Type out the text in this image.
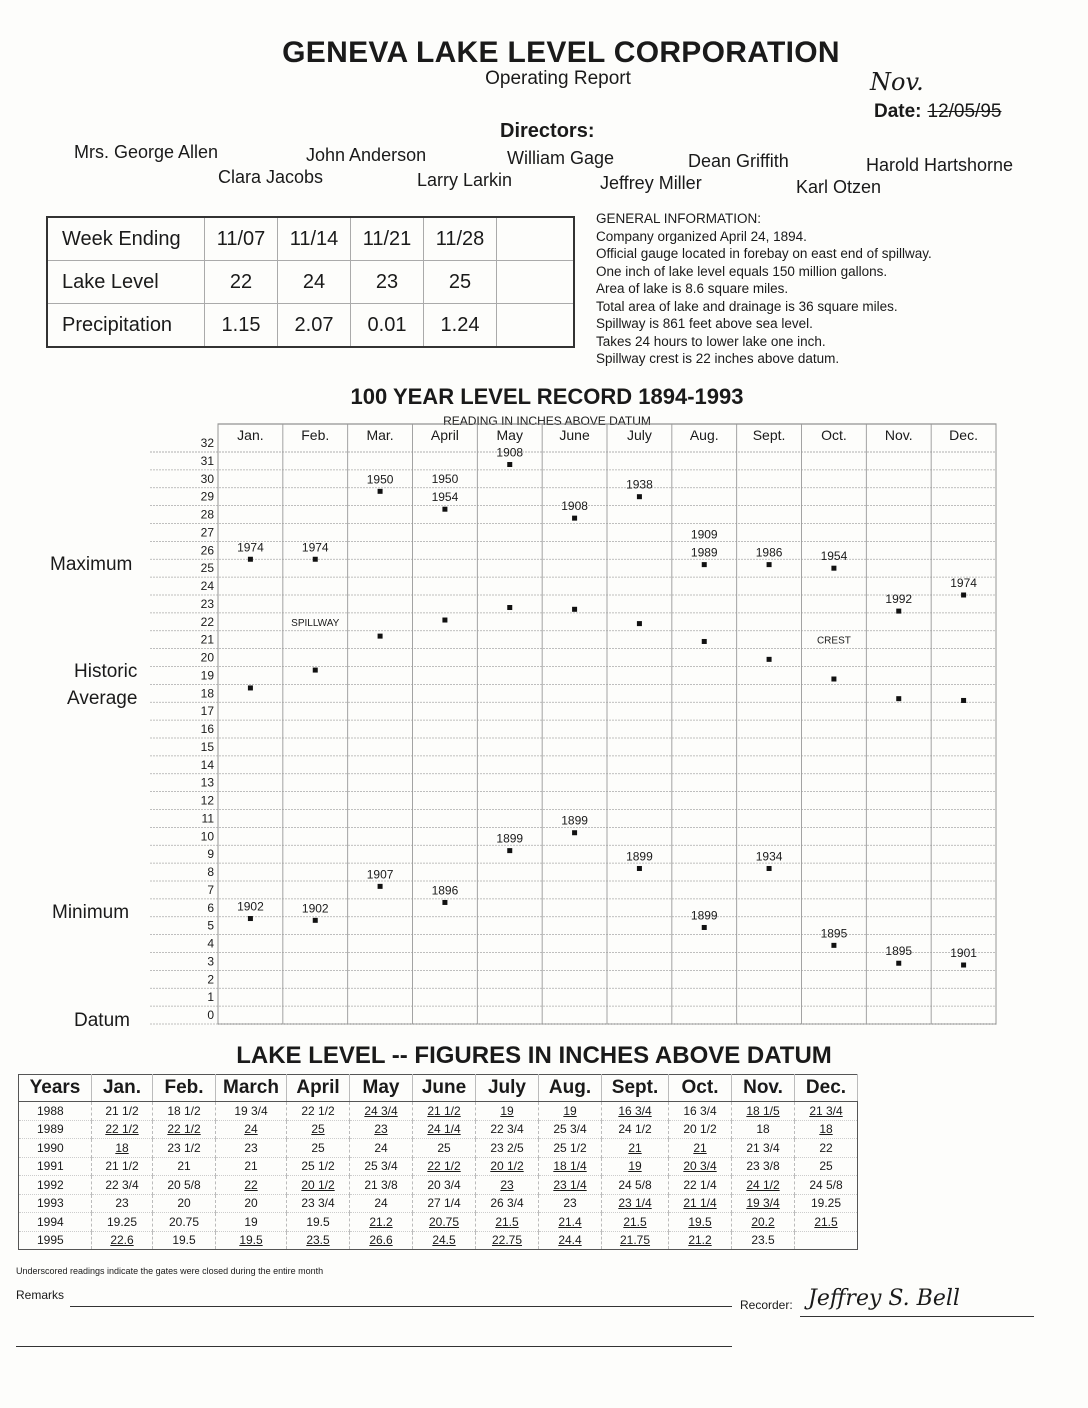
GENEVA LAKE LEVEL CORPORATION
Operating Report	Nov.
Date: 12/05/95
Directors:
Mrs. George Allen	John Anderson	William Gage	Dean Griffith	Harold Hartshorne
Clara Jacobs	Larry Larkin	Jeffrey Miller	Karl Otzen
Week Ending	11/07	11/14	11/21	11/28	
Lake Level	22	24	23	25	
Precipitation	1.15	2.07	0.01	1.24	
GENERAL INFORMATION:
Company organized April 24, 1894.
Official gauge located in forebay on east end of spillway.
One inch of lake level equals 150 million gallons.
Area of lake is 8.6 square miles.
Total area of lake and drainage is 36 square miles.
Spillway is 861 feet above sea level.
Takes 24 hours to lower lake one inch.
Spillway crest is 22 inches above datum.
100 YEAR LEVEL RECORD 1894-1993
READING IN INCHES ABOVE DATUM
Maximum
Historic
Average
Minimum
Datum	0
1
2
3
4
5
6
7
8
9
10
11
12
13
14
15
16
17
18
19
20
21
22
23
24
25
26
27
28
29
30
31
32
Jan.	Feb.	Mar.	April	May	June	July	Aug. Sept.	Oct.	Nov.	Dec.
1974	1974
1950	1950
1954
1908
1908
1938
1909
1989	1986	1954
1992
1974
1902	1902
1907
1896
1899
1899
1899
1899
1934
1895
1895	1901
SPILLWAY
CREST
LAKE LEVEL -- FIGURES IN INCHES ABOVE DATUM
Years	Jan.	Feb.	March	April	May	June	July	Aug.	Sept.	Oct.	Nov.	Dec.
1988	21 1/2	18 1/2	19 3/4	22 1/2	24 3/4	21 1/2	19	19	16 3/4	16 3/4	18 1/5	21 3/4
1989	22 1/2	22 1/2	24	25	23	24 1/4	22 3/4	25 3/4	24 1/2	20 1/2	18	18
1990	18	23 1/2	23	25	24	25	23 2/5	25 1/2	21	21	21 3/4	22
1991	21 1/2	21	21	25 1/2	25 3/4	22 1/2	20 1/2	18 1/4	19	20 3/4	23 3/8	25
1992	22 3/4	20 5/8	22	20 1/2	21 3/8	20 3/4	23	23 1/4	24 5/8	22 1/4	24 1/2	24 5/8
1993	23	20	20	23 3/4	24	27 1/4	26 3/4	23	23 1/4	21 1/4	19 3/4	19.25
1994	19.25	20.75	19	19.5	21.2	20.75	21.5	21.4	21.5	19.5	20.2	21.5
1995	22.6	19.5	19.5	23.5	26.6	24.5	22.75	24.4	21.75	21.2	23.5	
Underscored readings indicate the gates were closed during the entire month
Remarks
Recorder: Jeffrey S. Bell
